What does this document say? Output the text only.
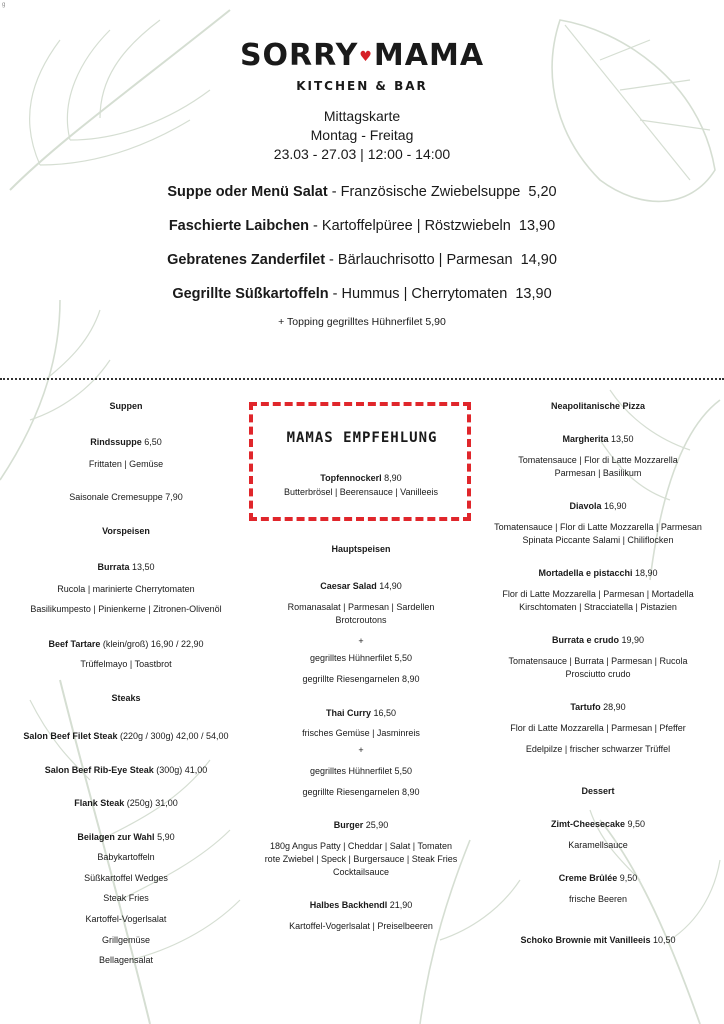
g
SORRY♥MAMA
KITCHEN & BAR
Mittagskarte
Montag - Freitag
23.03 - 27.03 | 12:00 - 14:00
Suppe oder Menü Salat - Französische Zwiebelsuppe 5,20
Faschierte Laibchen - Kartoffelpüree | Röstzwiebeln 13,90
Gebratenes Zanderfilet - Bärlauchrisotto | Parmesan 14,90
Gegrillte Süßkartoffeln - Hummus | Cherrytomaten 13,90
+ Topping gegrilltes Hühnerfilet 5,90
Suppen
Rindssuppe 6,50
Frittaten | Gemüse
Saisonale Cremesuppe 7,90
Vorspeisen
Burrata 13,50
Rucola | marinierte Cherrytomaten
Basilikumpesto | Pinienkerne | Zitronen-Olivenöl
Beef Tartare (klein/groß) 16,90 / 22,90
Trüffelmayo | Toastbrot
Steaks
Salon Beef Filet Steak (220g / 300g) 42,00 / 54,00
Salon Beef Rib-Eye Steak (300g) 41,00
Flank Steak (250g) 31,00
Beilagen zur Wahl 5,90
Babykartoffeln
Süßkartoffel Wedges
Steak Fries
Kartoffel-Vogerlsalat
Grillgemüse
Bellagensalat
MAMAS EMPFEHLUNG
Topfennockerl 8,90
Butterbrösel | Beerensauce | Vanilleeis
Hauptspeisen
Caesar Salad 14,90
Romanasalat | Parmesan | Sardellen
Brotcroutons
+
gegrilltes Hühnerfilet 5,50
gegrillte Riesengarnelen 8,90
Thai Curry 16,50
frisches Gemüse | Jasminreis
+
gegrilltes Hühnerfilet 5,50
gegrillte Riesengarnelen 8,90
Burger 25,90
180g Angus Patty | Cheddar | Salat | Tomaten
rote Zwiebel | Speck | Burgersauce | Steak Fries
Cocktailsauce
Halbes Backhendl 21,90
Kartoffel-Vogerlsalat | Preiselbeeren
Neapolitanische Pizza
Margherita 13,50
Tomatensauce | Flor di Latte Mozzarella
Parmesan | Basilikum
Diavola 16,90
Tomatensauce | Flor di Latte Mozzarella | Parmesan
Spinata Piccante Salami | Chiliflocken
Mortadella e pistacchi 18,90
Flor di Latte Mozzarella | Parmesan | Mortadella
Kirschtomaten | Stracciatella | Pistazien
Burrata e crudo 19,90
Tomatensauce | Burrata | Parmesan | Rucola
Prosciutto crudo
Tartufo 28,90
Flor di Latte Mozzarella | Parmesan | Pfeffer
Edelpilze | frischer schwarzer Trüffel
Dessert
Zimt-Cheesecake 9,50
Karamellsauce
Creme Brûlée 9,50
frische Beeren
Schoko Brownie mit Vanilleeis 10,50
